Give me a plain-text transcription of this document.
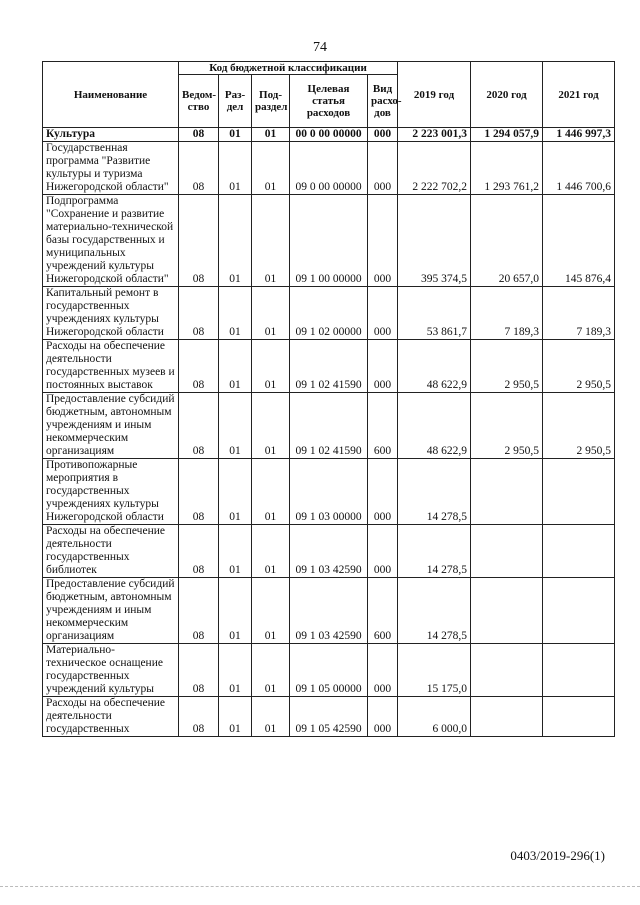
74
Наименование	Код бюджетной классификации					2019 год	2020 год	2021 год
	Ведом-ство	Раз-дел	Под-раздел	Целевая статья расходов	Вид расхо-дов			
Культура	08	01	01	00 0 00 00000	000	2 223 001,3	1 294 057,9	1 446 997,3
Государственная программа "Развитие культуры и туризма Нижегородской области"	08	01	01	09 0 00 00000	000	2 222 702,2	1 293 761,2	1 446 700,6
Подпрограмма "Сохранение и развитие материально-технической базы государственных и муниципальных учреждений культуры Нижегородской области"	08	01	01	09 1 00 00000	000	395 374,5	20 657,0	145 876,4
Капитальный ремонт в государственных учреждениях культуры Нижегородской области	08	01	01	09 1 02 00000	000	53 861,7	7 189,3	7 189,3
Расходы на обеспечение деятельности государственных музеев и постоянных выставок	08	01	01	09 1 02 41590	000	48 622,9	2 950,5	2 950,5
Предоставление субсидий бюджетным, автономным учреждениям и иным некоммерческим организациям	08	01	01	09 1 02 41590	600	48 622,9	2 950,5	2 950,5
Противопожарные мероприятия в государственных учреждениях культуры Нижегородской области	08	01	01	09 1 03 00000	000	14 278,5		
Расходы на обеспечение деятельности государственных библиотек	08	01	01	09 1 03 42590	000	14 278,5		
Предоставление субсидий бюджетным, автономным учреждениям и иным некоммерческим организациям	08	01	01	09 1 03 42590	600	14 278,5		
Материально-техническое оснащение государственных учреждений культуры	08	01	01	09 1 05 00000	000	15 175,0		
Расходы на обеспечение деятельности государственных	08	01	01	09 1 05 42590	000	6 000,0		
0403/2019-296(1)
